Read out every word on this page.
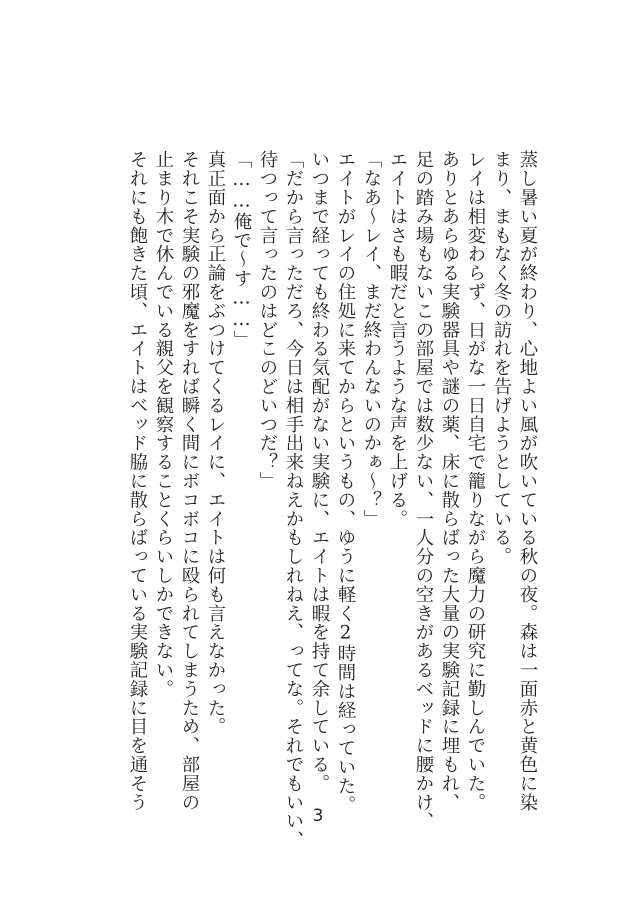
蒸し暑い夏が終わり、心地よい風が吹いている秋の夜。森は一面赤と黄色に染
まり、まもなく冬の訪れを告げようとしている。
レイは相変わらず、日がな一日自宅で籠りながら魔力の研究に勤しんでいた。
ありとあらゆる実験器具や謎の薬、床に散らばった大量の実験記録に埋もれ、
足の踏み場もないこの部屋では数少ない、一人分の空きがあるベッドに腰かけ、
エイトはさも暇だと言うような声を上げる。
「なあ～レイ、まだ終わんないのかぁ～？」
エイトがレイの住処に来てからというもの、ゆうに軽く2時間は経っていた。
いつまで経っても終わる気配がない実験に、エイトは暇を持て余している。
「だから言っただろ、今日は相手出来ねえかもしれねえ、ってな。それでもいい、
待つって言ったのはどこのどいつだ？」
「……俺で～す……」
真正面から正論をぶつけてくるレイに、エイトは何も言えなかった。
それこそ実験の邪魔をすれば瞬く間にボコボコに殴られてしまうため、部屋の
止まり木で休んでいる親父を観察することくらいしかできない。
それにも飽きた頃、エイトはベッド脇に散らばっている実験記録に目を通そう
3
